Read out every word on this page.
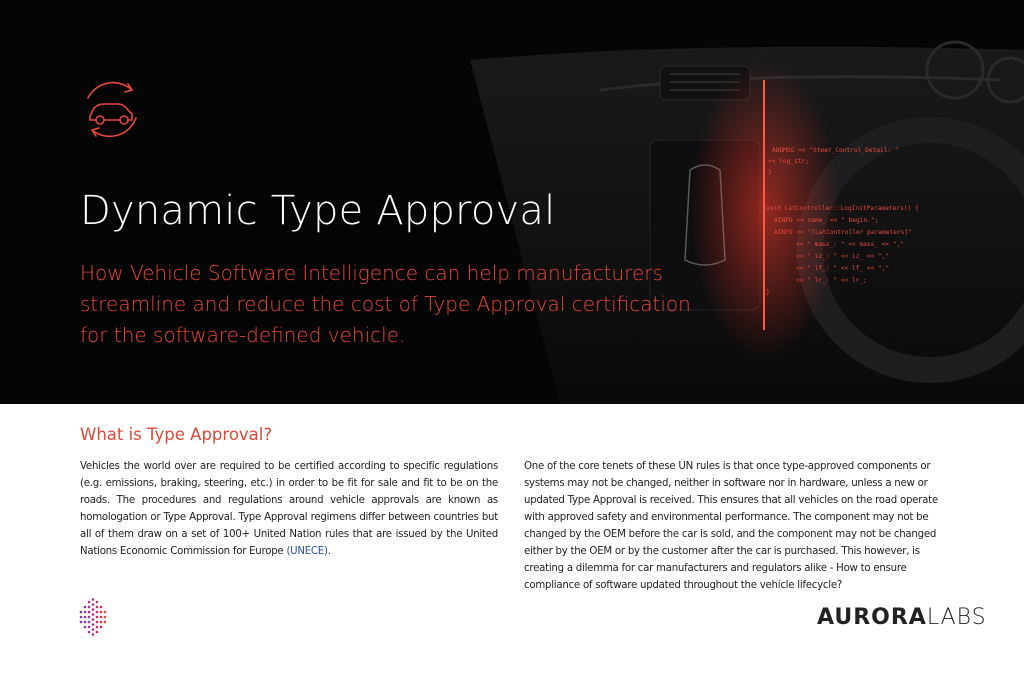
ADDMSG << "Steer_Control_Detail: "
<< log_str;
}
void LatController::LogInitParameters() {
AINFO << name_ << " begin.";
AINFO << "[LatController parameters]"
<< " mass_: " << mass_ << ","
<< " iz_: " << iz_ << ","
<< " lf_: " << lf_ << ","
<< " lr_: " << lr_;
}
Dynamic Type Approval
How Vehicle Software Intelligence can help manufacturers streamline and reduce the cost of Type Approval certification for the software-defined vehicle.
What is Type Approval?
Vehicles the world over are required to be certified according to specific regulations (e.g. emissions, braking, steering, etc.) in order to be fit for sale and fit to be on the roads. The procedures and regulations around vehicle approvals are known as homologation or Type Approval. Type Approval regimens differ between countries but all of them draw on a set of 100+ United Nation rules that are issued by the United Nations Economic Commission for Europe (UNECE).
One of the core tenets of these UN rules is that once type-approved components or systems may not be changed, neither in software nor in hardware, unless a new or updated Type Approval is received. This ensures that all vehicles on the road operate with approved safety and environmental performance. The component may not be changed by the OEM before the car is sold, and the component may not be changed either by the OEM or by the customer after the car is purchased. This however, is creating a dilemma for car manufacturers and regulators alike - How to ensure compliance of software updated throughout the vehicle lifecycle?
AURORALABS
